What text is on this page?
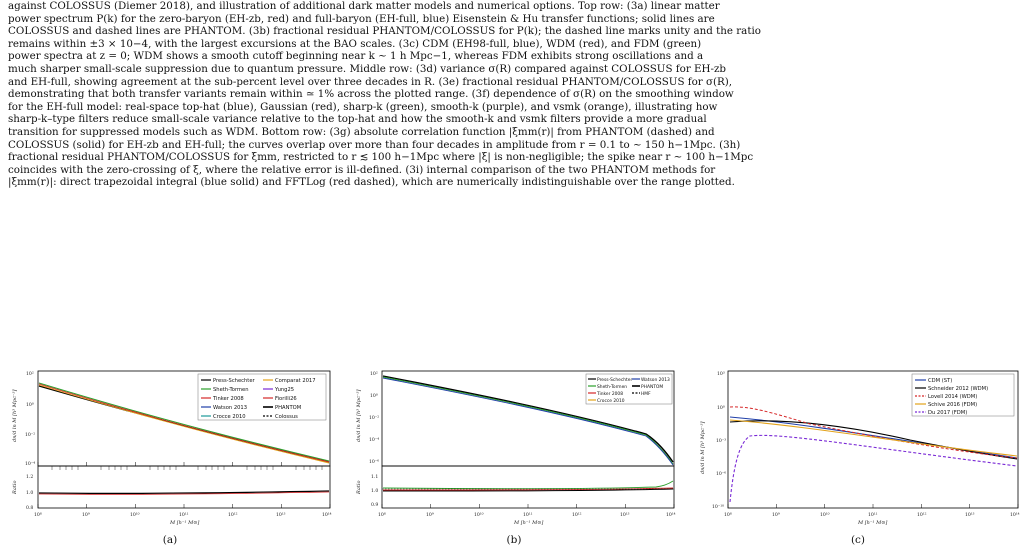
against COLOSSUS (Diemer 2018), and illustration of additional dark matter models and numerical options. Top row: (3a) linear matter
power spectrum P(k) for the zero-baryon (EH-zb, red) and full-baryon (EH-full, blue) Eisenstein & Hu transfer functions; solid lines are
COLOSSUS and dashed lines are PHANTOM. (3b) fractional residual PHANTOM/COLOSSUS for P(k); the dashed line marks unity and the ratio
remains within ±3 × 10−4, with the largest excursions at the BAO scales. (3c) CDM (EH98-full, blue), WDM (red), and FDM (green)
power spectra at z = 0; WDM shows a smooth cutoff beginning near k ∼ 1 h Mpc−1, whereas FDM exhibits strong oscillations and a
much sharper small-scale suppression due to quantum pressure. Middle row: (3d) variance σ(R) compared against COLOSSUS for EH-zb
and EH-full, showing agreement at the sub-percent level over three decades in R. (3e) fractional residual PHANTOM/COLOSSUS for σ(R),
demonstrating that both transfer variants remain within ≃ 1% across the plotted range. (3f) dependence of σ(R) on the smoothing window
for the EH-full model: real-space top-hat (blue), Gaussian (red), sharp-k (green), smooth-k (purple), and vsmk (orange), illustrating how
sharp-k–type filters reduce small-scale variance relative to the top-hat and how the smooth-k and vsmk filters provide a more gradual
transition for suppressed models such as WDM. Bottom row: (3g) absolute correlation function |ξmm(r)| from PHANTOM (dashed) and
COLOSSUS (solid) for EH-zb and EH-full; the curves overlap over more than four decades in amplitude from r = 0.1 to ∼ 150 h−1Mpc. (3h)
fractional residual PHANTOM/COLOSSUS for ξmm, restricted to r ≲ 100 h−1Mpc where |ξ| is non-negligible; the spike near r ∼ 100 h−1Mpc
coincides with the zero-crossing of ξ, where the relative error is ill-defined. (3i) internal comparison of the two PHANTOM methods for
|ξmm(r)|: direct trapezoidal integral (blue solid) and FFTLog (red dashed), which are numerically indistinguishable over the range plotted.
10²
10⁰
10⁻²
10⁻⁴
1.2
1.0
0.8
10⁸	10⁹	10¹⁰	10¹¹	10¹²	10¹³	10¹⁴
M [h⁻¹ M⊙]
dn/d ln M [h³ Mpc⁻³]
Ratio
Press-Schechter
Sheth-Tormen
Tinker 2008
Watson 2013
Crocce 2010
Comparat 2017
Yung25
Fiorilli26
PHANTOM
Colossus
(a)
10²
10⁰
10⁻²
10⁻⁴
10⁻⁶
1.1
1.0
0.9
10⁸	10⁹	10¹⁰	10¹¹	10¹²	10¹³	10¹⁴
M [h⁻¹ M⊙]
dn/d ln M [h³ Mpc⁻³]
Ratio
Press-Schechter
Sheth-Tormen
Tinker 2008
Crocce 2010
Watson 2013
PHANTOM
HMF
(b)
10³
10⁰
10⁻³
10⁻⁶
10⁻¹⁰
10⁸	10⁹	10¹⁰	10¹¹	10¹²	10¹³	10¹⁴
M [h⁻¹ M⊙]
dn/d ln M [h³ Mpc⁻³]
CDM (ST)
Schneider 2012 (WDM)
Lovell 2014 (WDM)
Schive 2016 (FDM)
Du 2017 (FDM)
(c)
